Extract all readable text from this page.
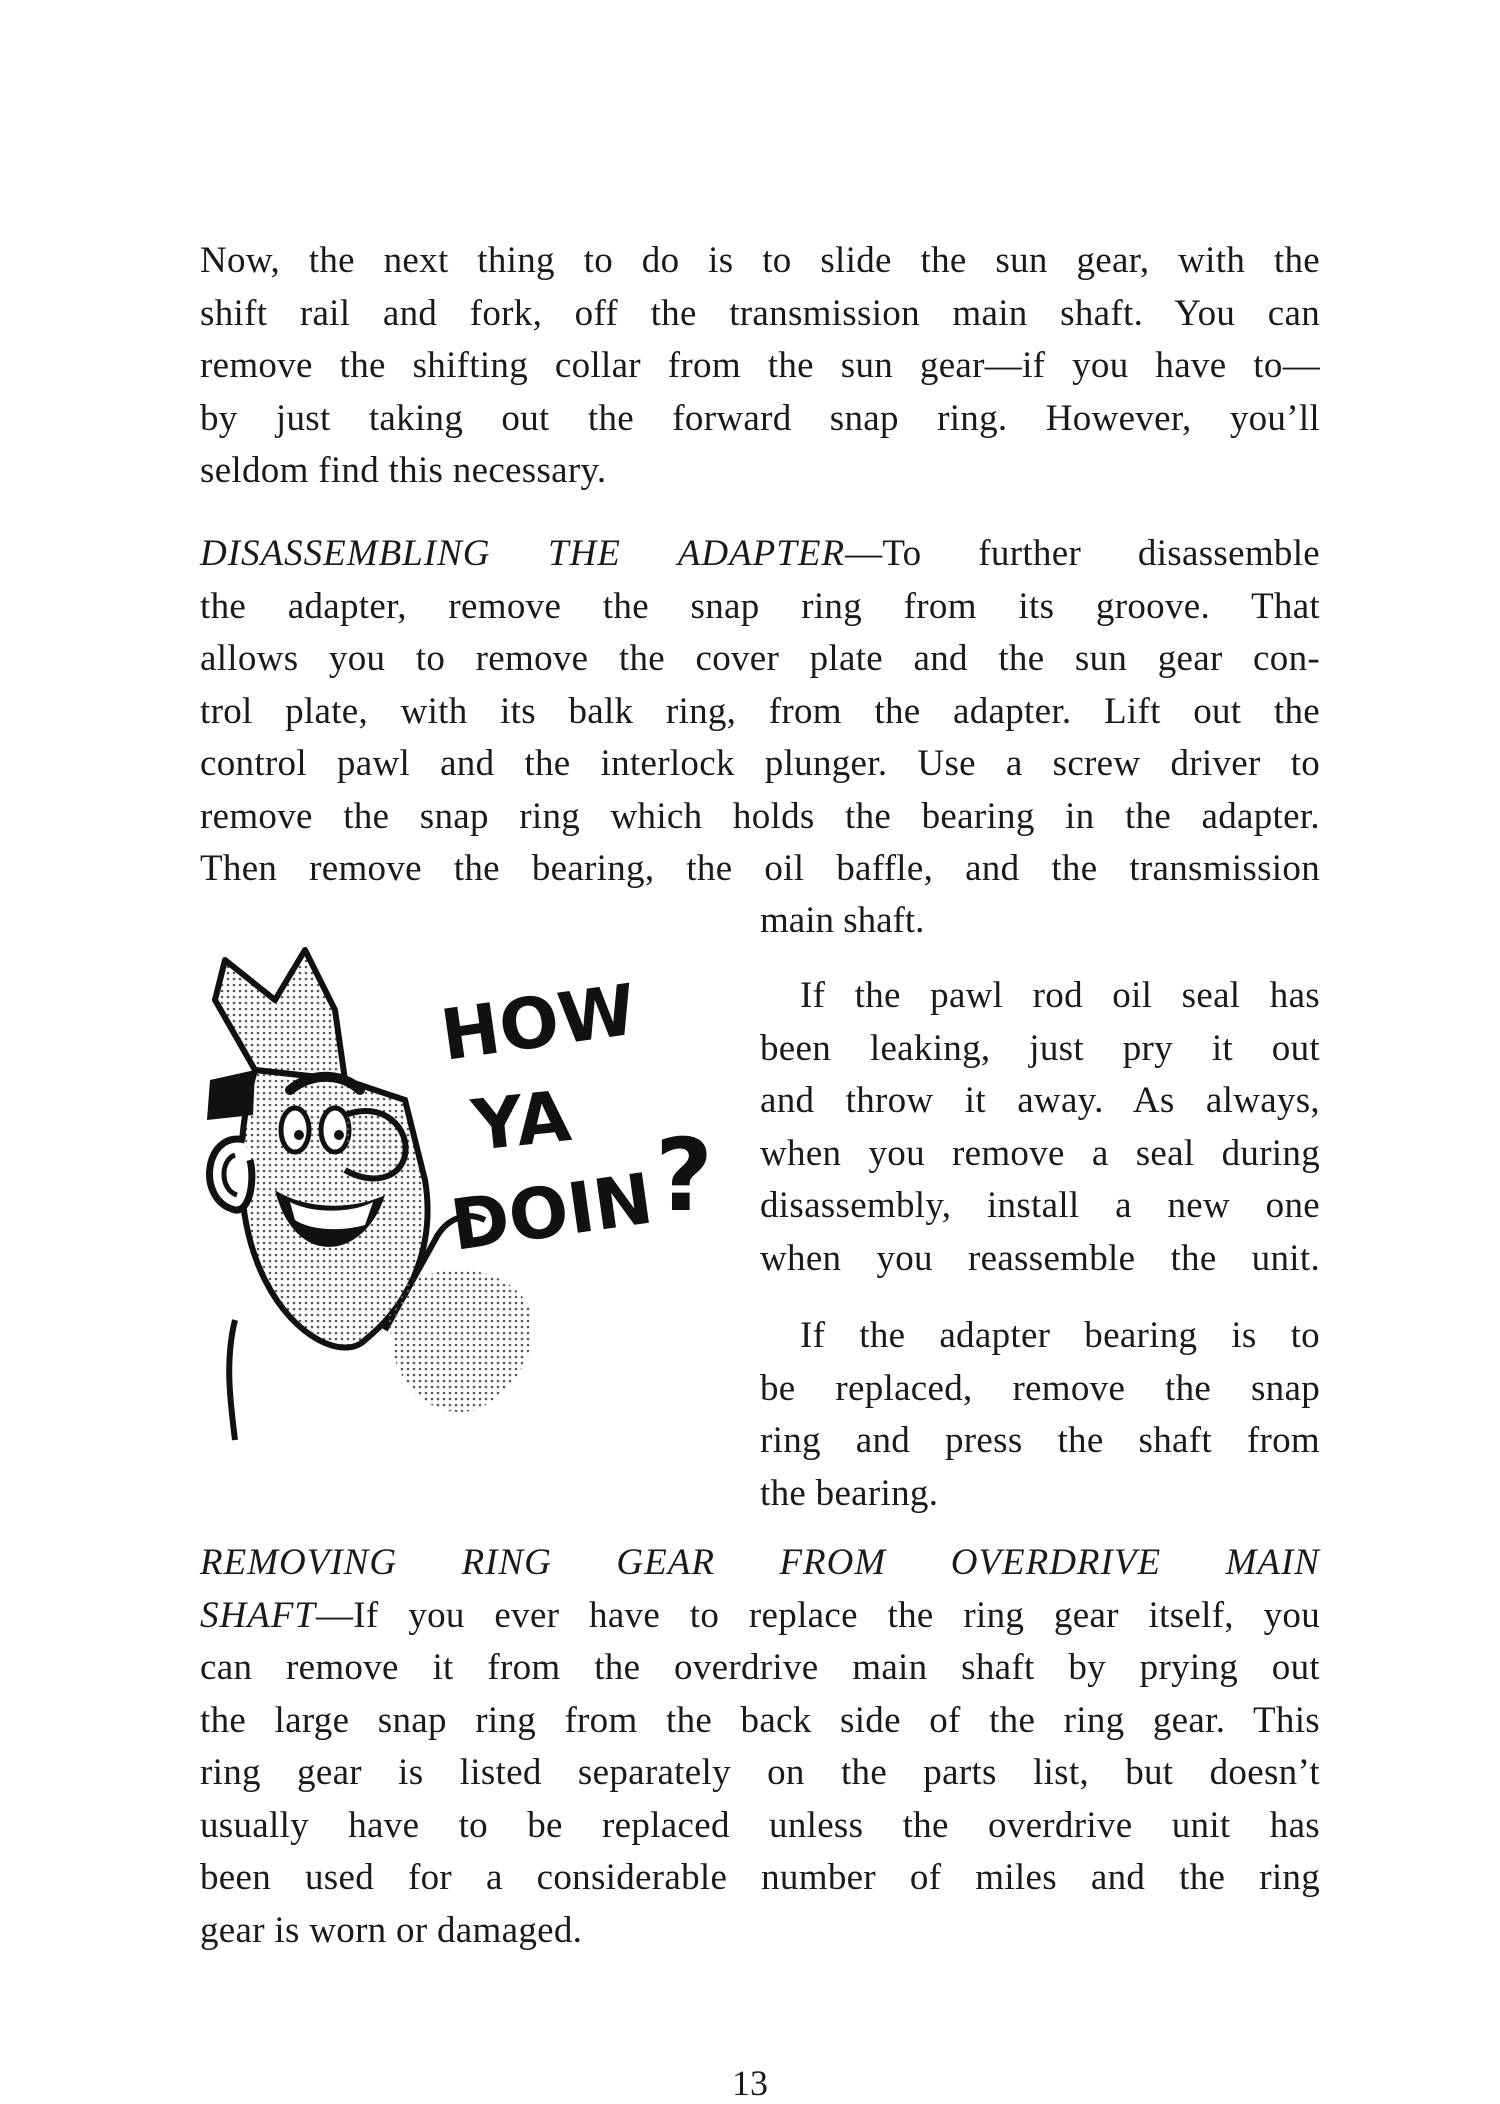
Now, the next thing to do is to slide the sun gear, with the
shift rail and fork, off the transmission main shaft. You can
remove the shifting collar from the sun gear—if you have to—
by just taking out the forward snap ring. However, you’ll
seldom find this necessary.
DISASSEMBLING THE ADAPTER—To further disassemble
the adapter, remove the snap ring from its groove. That
allows you to remove the cover plate and the sun gear con-
trol plate, with its balk ring, from the adapter. Lift out the
control pawl and the interlock plunger. Use a screw driver to
remove the snap ring which holds the bearing in the adapter.
Then remove the bearing, the oil baffle, and the transmission
main shaft.
HOW
YA
DOIN
?
If the pawl rod oil seal has
been leaking, just pry it out
and throw it away. As always,
when you remove a seal during
disassembly, install a new one
when you reassemble the unit.
If the adapter bearing is to
be replaced, remove the snap
ring and press the shaft from
the bearing.
REMOVING RING GEAR FROM OVERDRIVE MAIN
SHAFT—If you ever have to replace the ring gear itself, you
can remove it from the overdrive main shaft by prying out
the large snap ring from the back side of the ring gear. This
ring gear is listed separately on the parts list, but doesn’t
usually have to be replaced unless the overdrive unit has
been used for a considerable number of miles and the ring
gear is worn or damaged.
13
